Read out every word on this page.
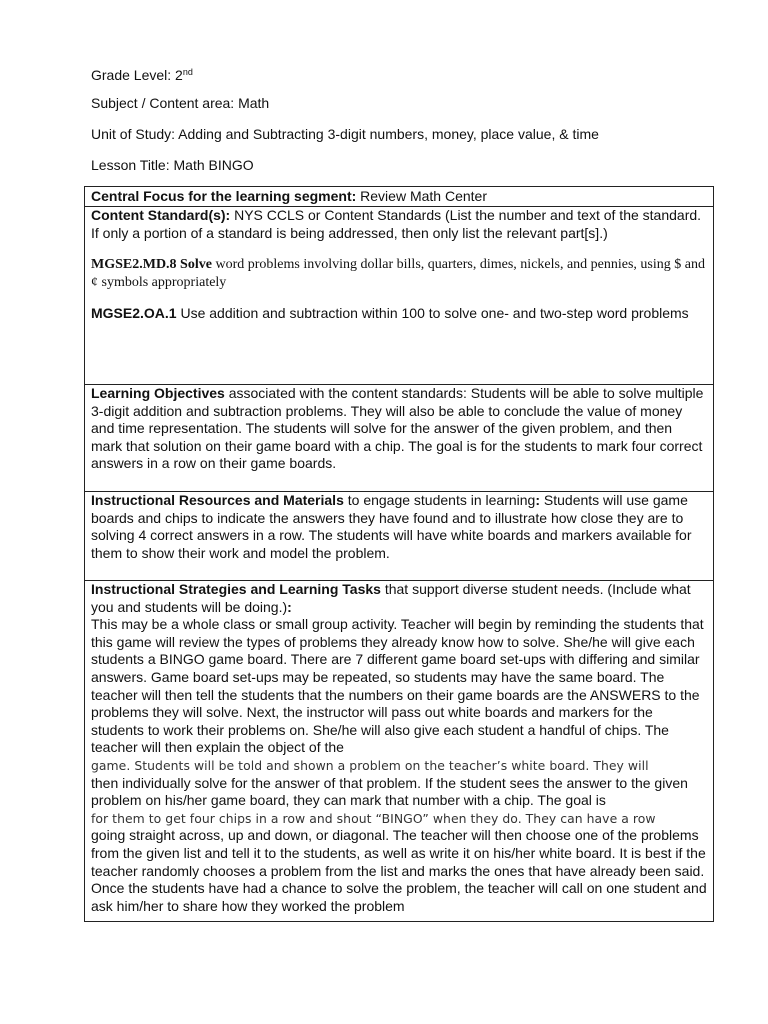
Grade Level: 2nd
Subject / Content area: Math
Unit of Study: Adding and Subtracting 3-digit numbers, money, place value, & time
Lesson Title: Math BINGO
Central Focus for the learning segment: Review Math Center
Content Standard(s): NYS CCLS or Content Standards (List the number and text of the standard. If only a portion of a standard is being addressed, then only list the relevant part[s].)
MGSE2.MD.8 Solve word problems involving dollar bills, quarters, dimes, nickels, and pennies, using $ and ¢ symbols appropriately
MGSE2.OA.1 Use addition and subtraction within 100 to solve one- and two-step word problems
Learning Objectives associated with the content standards: Students will be able to solve multiple 3-digit addition and subtraction problems. They will also be able to conclude the value of money and time representation. The students will solve for the answer of the given problem, and then mark that solution on their game board with a chip. The goal is for the students to mark four correct answers in a row on their game boards.
Instructional Resources and Materials to engage students in learning: Students will use game boards and chips to indicate the answers they have found and to illustrate how close they are to solving 4 correct answers in a row. The students will have white boards and markers available for them to show their work and model the problem.
Instructional Strategies and Learning Tasks that support diverse student needs. (Include what you and students will be doing.):
This may be a whole class or small group activity. Teacher will begin by reminding the students that this game will review the types of problems they already know how to solve. She/he will give each students a BINGO game board. There are 7 different game board set-ups with differing and similar answers. Game board set-ups may be repeated, so students may have the same board. The teacher will then tell the students that the numbers on their game boards are the ANSWERS to the problems they will solve. Next, the instructor will pass out white boards and markers for the students to work their problems on. She/he will also give each student a handful of chips. The teacher will then explain the object of the
game. Students will be told and shown a problem on the teacher’s white board. They will
then individually solve for the answer of that problem. If the student sees the answer to the given problem on his/her game board, they can mark that number with a chip. The goal is
for them to get four chips in a row and shout “BINGO” when they do. They can have a row
going straight across, up and down, or diagonal. The teacher will then choose one of the problems from the given list and tell it to the students, as well as write it on his/her white board. It is best if the teacher randomly chooses a problem from the list and marks the ones that have already been said. Once the students have had a chance to solve the problem, the teacher will call on one student and ask him/her to share how they worked the problem
